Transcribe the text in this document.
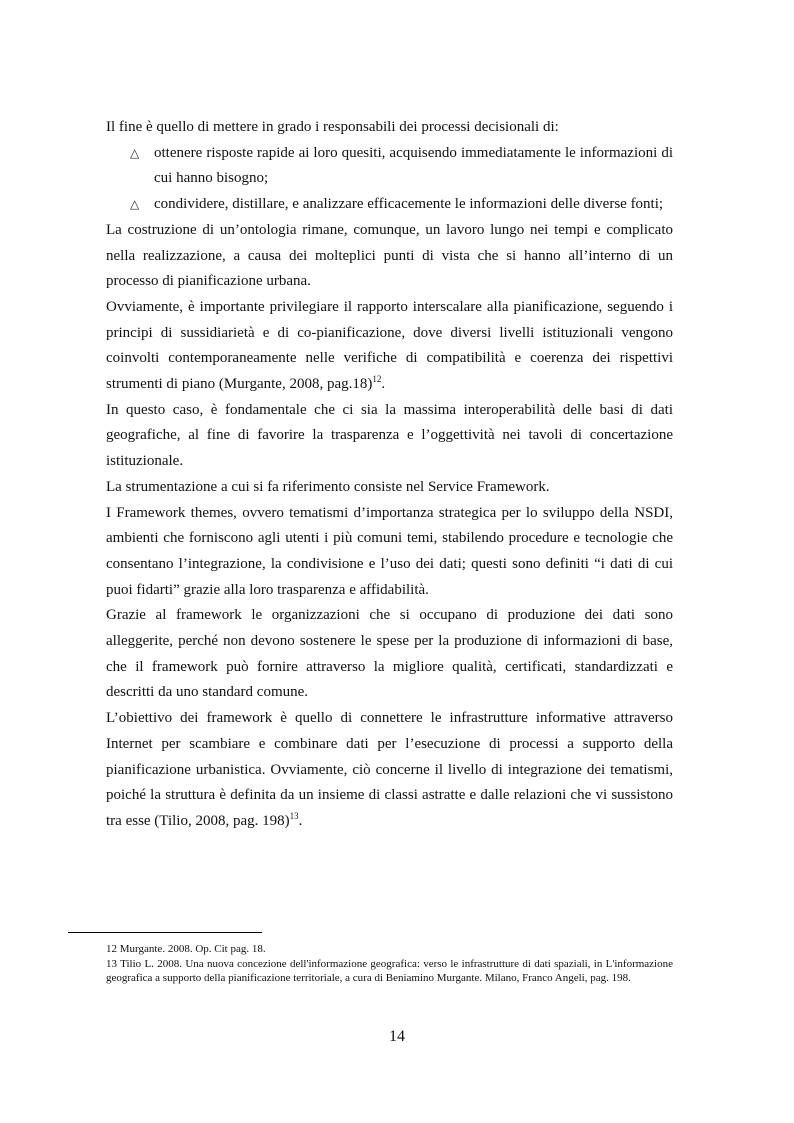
Il fine è quello di mettere in grado i responsabili dei processi decisionali di:

△ ottenere risposte rapide ai loro quesiti, acquisendo immediatamente le informazioni di cui hanno bisogno;
△ condividere, distillare, e analizzare efficacemente le informazioni delle diverse fonti;

La costruzione di un’ontologia rimane, comunque, un lavoro lungo nei tempi e complicato nella realizzazione, a causa dei molteplici punti di vista che si hanno all’interno di un processo di pianificazione urbana.

Ovviamente, è importante privilegiare il rapporto interscalare alla pianificazione, seguendo i principi di sussidiarietà e di co-pianificazione, dove diversi livelli istituzionali vengono coinvolti contemporaneamente nelle verifiche di compatibilità e coerenza dei rispettivi strumenti di piano (Murgante, 2008, pag.18)$^{12}$.

In questo caso, è fondamentale che ci sia la massima interoperabilità delle basi di dati geografiche, al fine di favorire la trasparenza e l’oggettività nei tavoli di concertazione istituzionale.

La strumentazione a cui si fa riferimento consiste nel Service Framework.

I Framework themes, ovvero tematismi d’importanza strategica per lo sviluppo della NSDI, ambienti che forniscono agli utenti i più comuni temi, stabilendo procedure e tecnologie che consentano l’integrazione, la condivisione e l’uso dei dati; questi sono definiti “i dati di cui puoi fidarti” grazie alla loro trasparenza e affidabilità.

Grazie al framework le organizzazioni che si occupano di produzione dei dati sono alleggerite, perché non devono sostenere le spese per la produzione di informazioni di base, che il framework può fornire attraverso la migliore qualità, certificati, standardizzati e descritti da uno standard comune.

L’obiettivo dei framework è quello di connettere le infrastrutture informative attraverso Internet per scambiare e combinare dati per l’esecuzione di processi a supporto della pianificazione urbanistica. Ovviamente, ciò concerne il livello di integrazione dei tematismi, poiché la struttura è definita da un insieme di classi astratte e dalle relazioni che vi sussistono tra esse (Tilio, 2008, pag. 198)$^{13}$.

12 Murgante. 2008. Op. Cit pag. 18.

13 Tilio L. 2008. Una nuova concezione dell'informazione geografica: verso le infrastrutture di dati spaziali, in L'informazione geografica a supporto della pianificazione territoriale, a cura di Beniamino Murgante. Milano, Franco Angeli, pag. 198.

14
